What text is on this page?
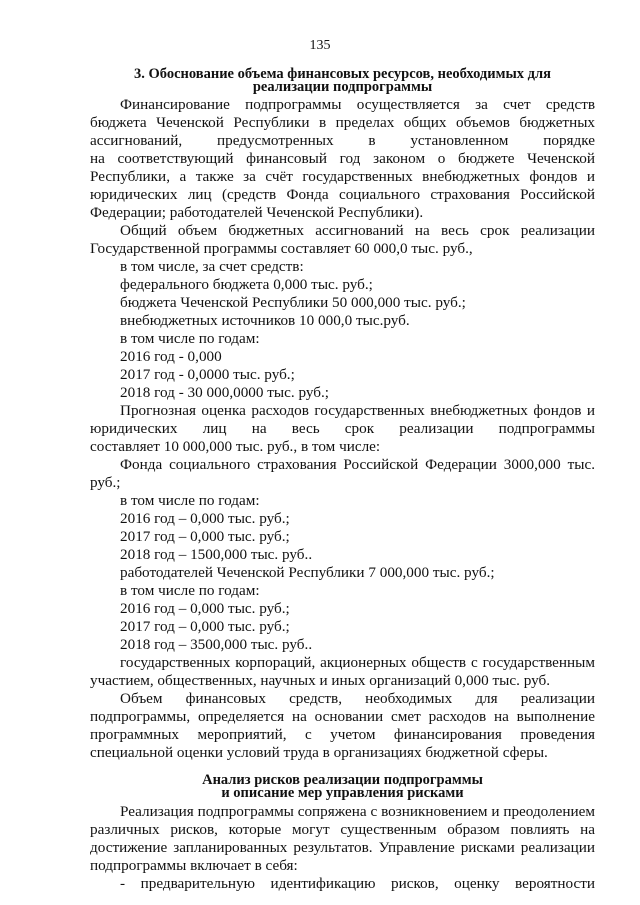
135
3. Обоснование объема финансовых ресурсов, необходимых для
реализации подпрограммы
Финансирование подпрограммы осуществляется за счет средств
бюджета Чеченской Республики в пределах общих объемов бюджетных
ассигнований, предусмотренных в установленном порядке
на соответствующий финансовый год законом о бюджете Чеченской
Республики, а также за счёт государственных внебюджетных фондов и
юридических лиц (средств Фонда социального страхования Российской
Федерации; работодателей Чеченской Республики).
Общий объем бюджетных ассигнований на весь срок реализации
Государственной программы составляет 60 000,0 тыс. руб.,
в том числе, за счет средств:
федерального бюджета 0,000 тыс. руб.;
бюджета Чеченской Республики 50 000,000 тыс. руб.;
внебюджетных источников 10 000,0 тыс.руб.
в том числе по годам:
2016 год - 0,000
2017 год - 0,0000 тыс. руб.;
2018 год - 30 000,0000 тыс. руб.;
Прогнозная оценка расходов государственных внебюджетных фондов и
юридических лиц на весь срок реализации подпрограммы
составляет 10 000,000 тыс. руб., в том числе:
Фонда социального страхования Российской Федерации 3000,000 тыс.
руб.;
в том числе по годам:
2016 год – 0,000 тыс. руб.;
2017 год – 0,000 тыс. руб.;
2018 год – 1500,000 тыс. руб..
работодателей Чеченской Республики 7 000,000 тыс. руб.;
в том числе по годам:
2016 год – 0,000 тыс. руб.;
2017 год – 0,000 тыс. руб.;
2018 год – 3500,000 тыс. руб..
государственных корпораций, акционерных обществ с государственным
участием, общественных, научных и иных организаций 0,000 тыс. руб.
Объем финансовых средств, необходимых для реализации
подпрограммы, определяется на основании смет расходов на выполнение
программных мероприятий, с учетом финансирования проведения
специальной оценки условий труда в организациях бюджетной сферы.
Анализ рисков реализации подпрограммы
и описание мер управления рисками
Реализация подпрограммы сопряжена с возникновением и преодолением
различных рисков, которые могут существенным образом повлиять на
достижение запланированных результатов. Управление рисками реализации
подпрограммы включает в себя:
- предварительную идентификацию рисков, оценку вероятности
